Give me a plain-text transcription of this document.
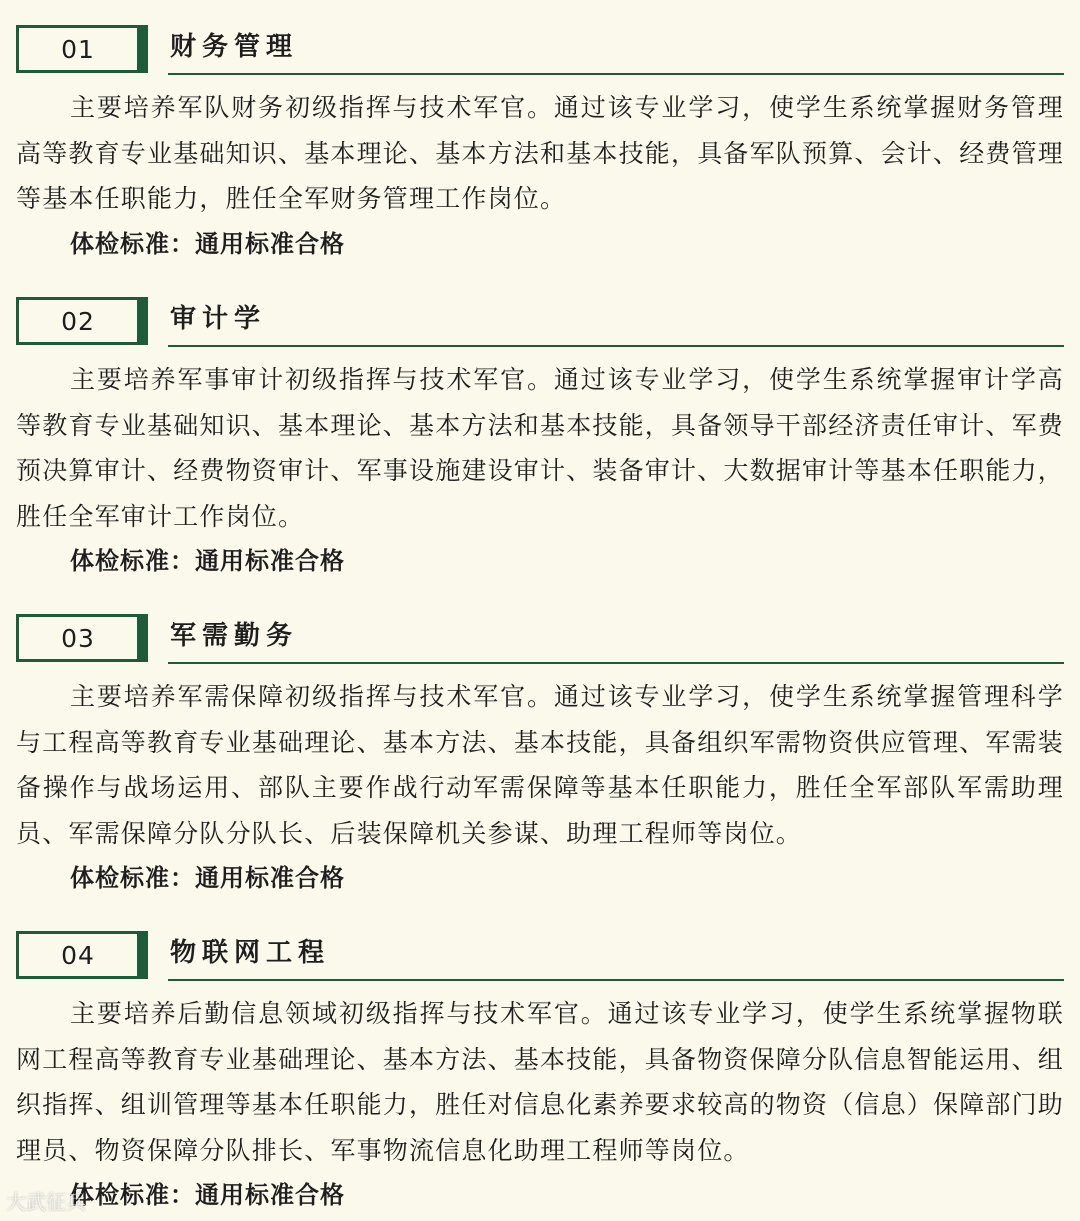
01	财务管理

主要培养军队财务初级指挥与技术军官。通过该专业学习，使学生系统掌握财务管理高等教育专业基础知识、基本理论、基本方法和基本技能，具备军队预算、会计、经费管理等基本任职能力，胜任全军财务管理工作岗位。

体检标准：通用标准合格
02	审计学

主要培养军事审计初级指挥与技术军官。通过该专业学习，使学生系统掌握审计学高等教育专业基础知识、基本理论、基本方法和基本技能，具备领导干部经济责任审计、军费预决算审计、经费物资审计、军事设施建设审计、装备审计、大数据审计等基本任职能力，胜任全军审计工作岗位。

体检标准：通用标准合格
03	军需勤务

主要培养军需保障初级指挥与技术军官。通过该专业学习，使学生系统掌握管理科学与工程高等教育专业基础理论、基本方法、基本技能，具备组织军需物资供应管理、军需装备操作与战场运用、部队主要作战行动军需保障等基本任职能力，胜任全军部队军需助理员、军需保障分队分队长、后装保障机关参谋、助理工程师等岗位。

体检标准：通用标准合格
04	物联网工程

主要培养后勤信息领域初级指挥与技术军官。通过该专业学习，使学生系统掌握物联网工程高等教育专业基础理论、基本方法、基本技能，具备物资保障分队信息智能运用、组织指挥、组训管理等基本任职能力，胜任对信息化素养要求较高的物资（信息）保障部门助理员、物资保障分队排长、军事物流信息化助理工程师等岗位。

体检标准：通用标准合格
大武征兵
